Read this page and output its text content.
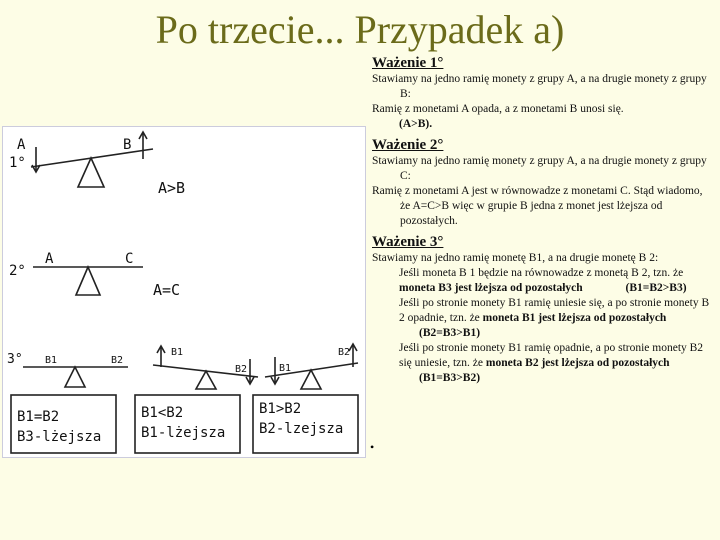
Po trzecie... Przypadek a)
Ważenie 1°

Stawiamy na jedno ramię monety z grupy A, a na drugie monety z grupy B:

Ramię z monetami A opada, a z monetami B unosi się.

(A>B).

Ważenie 2°

Stawiamy na jedno ramię monety z grupy A, a na drugie monety z grupy C:

Ramię z monetami A jest w równowadze z monetami C. Stąd wiadomo, że A=C>B więc w grupie B jedna z monet jest lżejsza od pozostałych.

Ważenie 3°

Stawiamy na jedno ramię monetę B1, a na drugie monetę B 2:

Jeśli moneta B 1 będzie na równowadze z monetą B 2, tzn. że moneta B3 jest lżejsza od pozostałych	(B1=B2>B3)

Jeśli po stronie monety B1 ramię uniesie się, a po stronie monety B 2 opadnie, tzn. że moneta B1 jest lżejsza od pozostałych (B2=B3>B1)

Jeśli po stronie monety B1 ramię opadnie, a po stronie monety B2 się uniesie, tzn. że moneta B2 jest lżejsza od pozostałych (B1=B3>B2)

•
1°
A	B
A>B
2°
A	C
A=C
3° B1	B2
B1
B2	B1
B2
B1=B2
B3-lżejsza
B1<B2
B1-lżejsza
B1>B2
B2-lzejsza
